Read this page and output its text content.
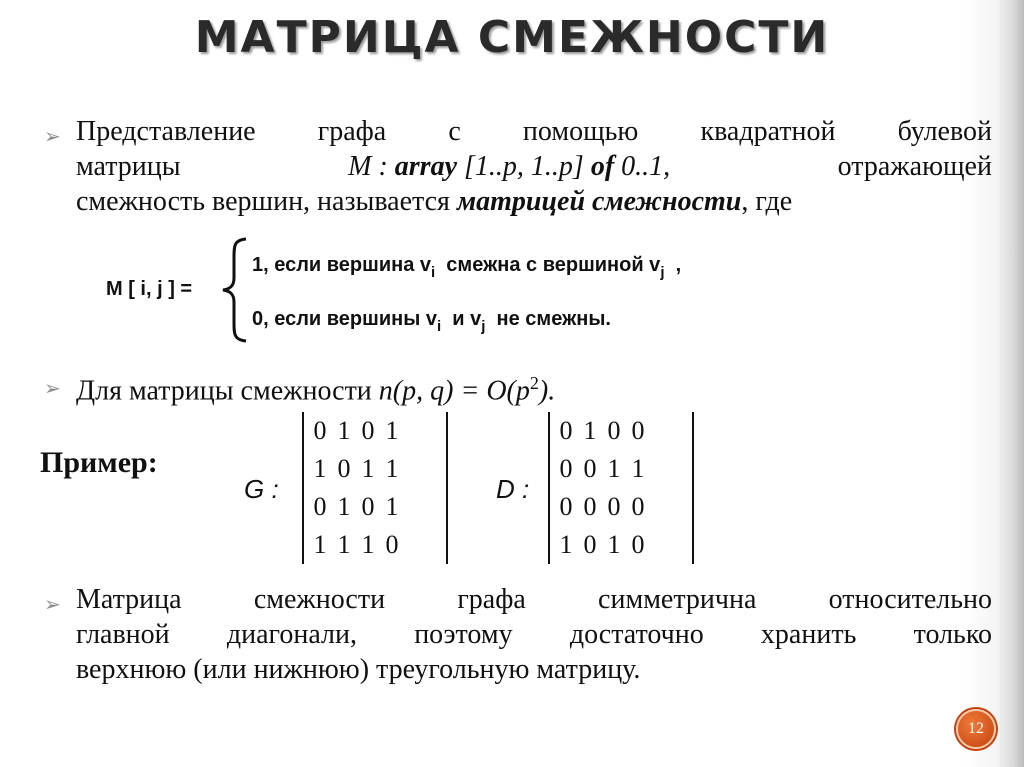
МАТРИЦА СМЕЖНОСТИ
➢ Представление графа с помощью квадратной булевой
матрицы	M : array [1..p, 1..p] of 0..1,	отражающей
смежность вершин, называется матрицей смежности, где
M [ i, j ] =
1, если вершина $v_i$ смежна с вершиной $v_j$ ,
0, если вершины $v_i$ и $v_j$ не смежны.
➢ Для матрицы смежности n(p, $q) = O(p^2)$.
Пример:
G :
0 1 0 1
1 0 1 1
0 1 0 1
1 1 1 0
D :
0 1 0 0
0 0 1 1
0 0 0 0
1 0 1 0
➢ Матрица смежности графа симметрична относительно
главной диагонали, поэтому достаточно хранить только
верхнюю (или нижнюю) треугольную матрицу.
12
